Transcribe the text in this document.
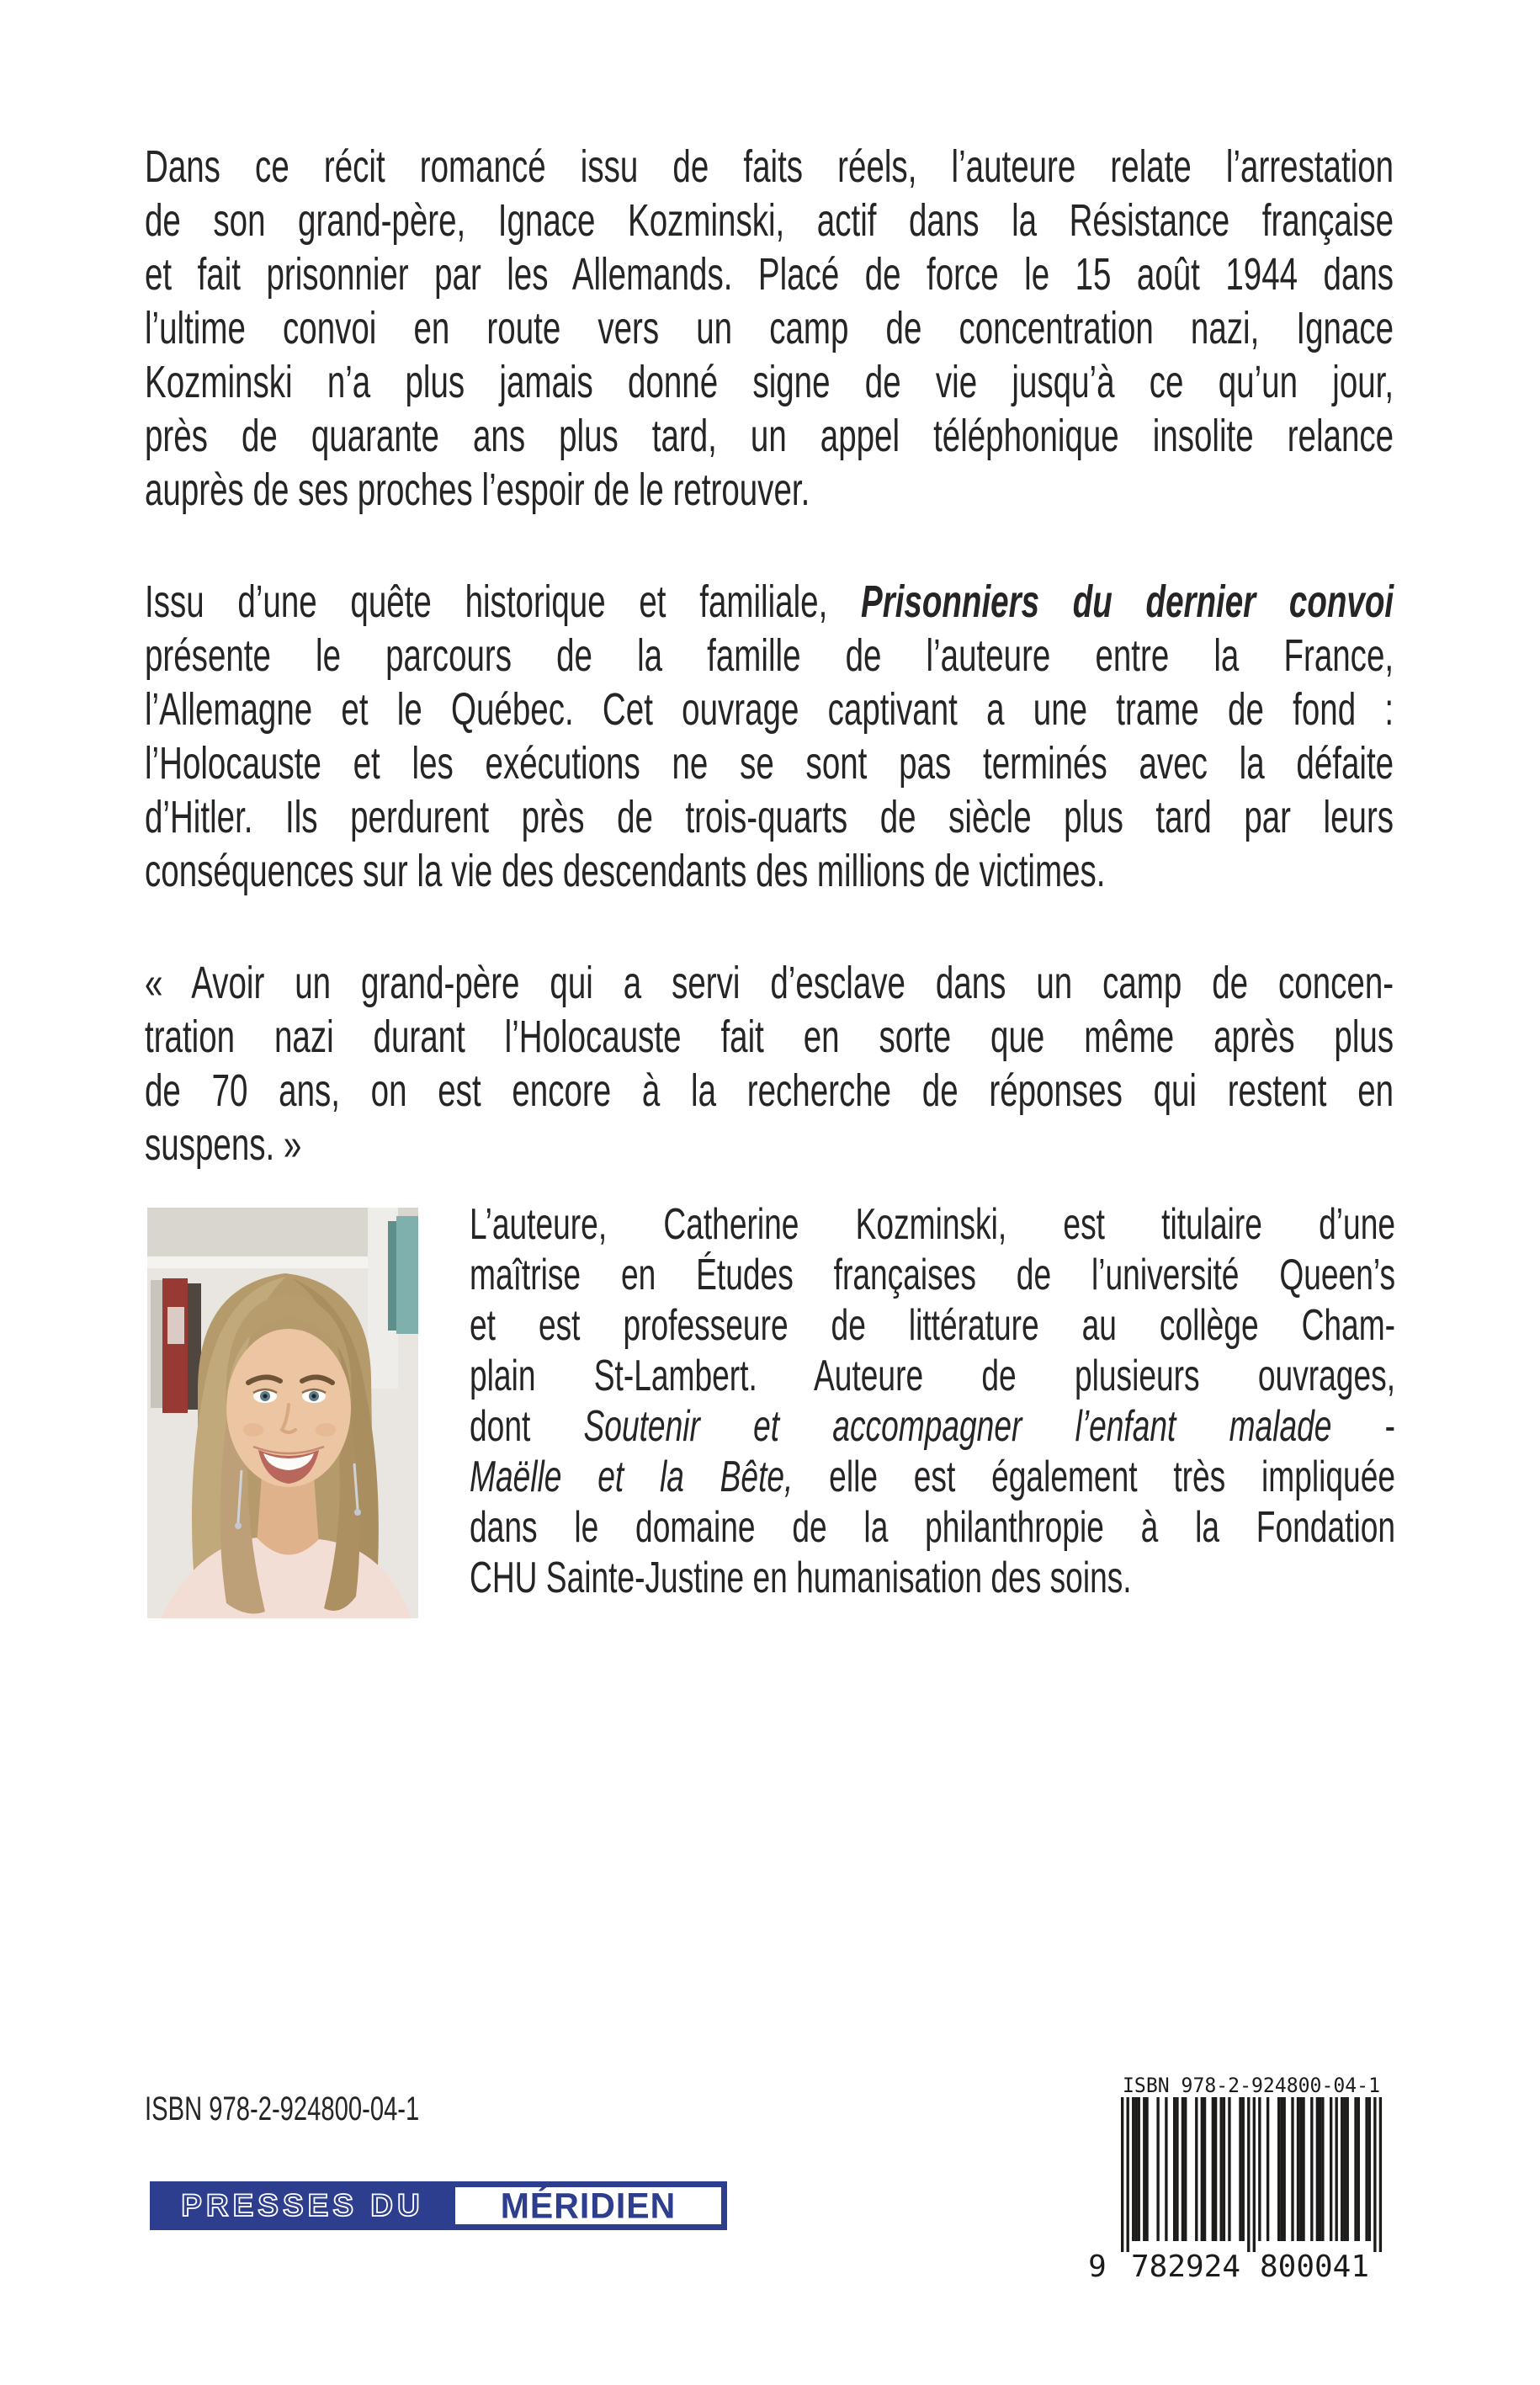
Dans ce récit romancé issu de faits réels, l’auteure relate l’arrestation
de son grand-père, Ignace Kozminski, actif dans la Résistance française
et fait prisonnier par les Allemands. Placé de force le 15 août 1944 dans
l’ultime convoi en route vers un camp de concentration nazi, Ignace
Kozminski n’a plus jamais donné signe de vie jusqu’à ce qu’un jour,
près de quarante ans plus tard, un appel téléphonique insolite relance
auprès de ses proches l’espoir de le retrouver.
Issu d’une quête historique et familiale, Prisonniers du dernier convoi
présente le parcours de la famille de l’auteure entre la France,
l’Allemagne et le Québec. Cet ouvrage captivant a une trame de fond :
l’Holocauste et les exécutions ne se sont pas terminés avec la défaite
d’Hitler. Ils perdurent près de trois-quarts de siècle plus tard par leurs
conséquences sur la vie des descendants des millions de victimes.
« Avoir un grand-père qui a servi d’esclave dans un camp de concen-
tration nazi durant l’Holocauste fait en sorte que même après plus
de 70 ans, on est encore à la recherche de réponses qui restent en
suspens. »
L’auteure, Catherine Kozminski, est titulaire d’une
maîtrise en Études françaises de l’université Queen’s
et est professeure de littérature au collège Cham-
plain St-Lambert. Auteure de plusieurs ouvrages,
dont Soutenir et accompagner l’enfant malade -
Maëlle et la Bête, elle est également très impliquée
dans le domaine de la philanthropie à la Fondation
CHU Sainte-Justine en humanisation des soins.
ISBN 978-2-924800-04-1
PRESSES DU MÉRIDIEN
ISBN 978-2-924800-04-1
9 782924 800041
